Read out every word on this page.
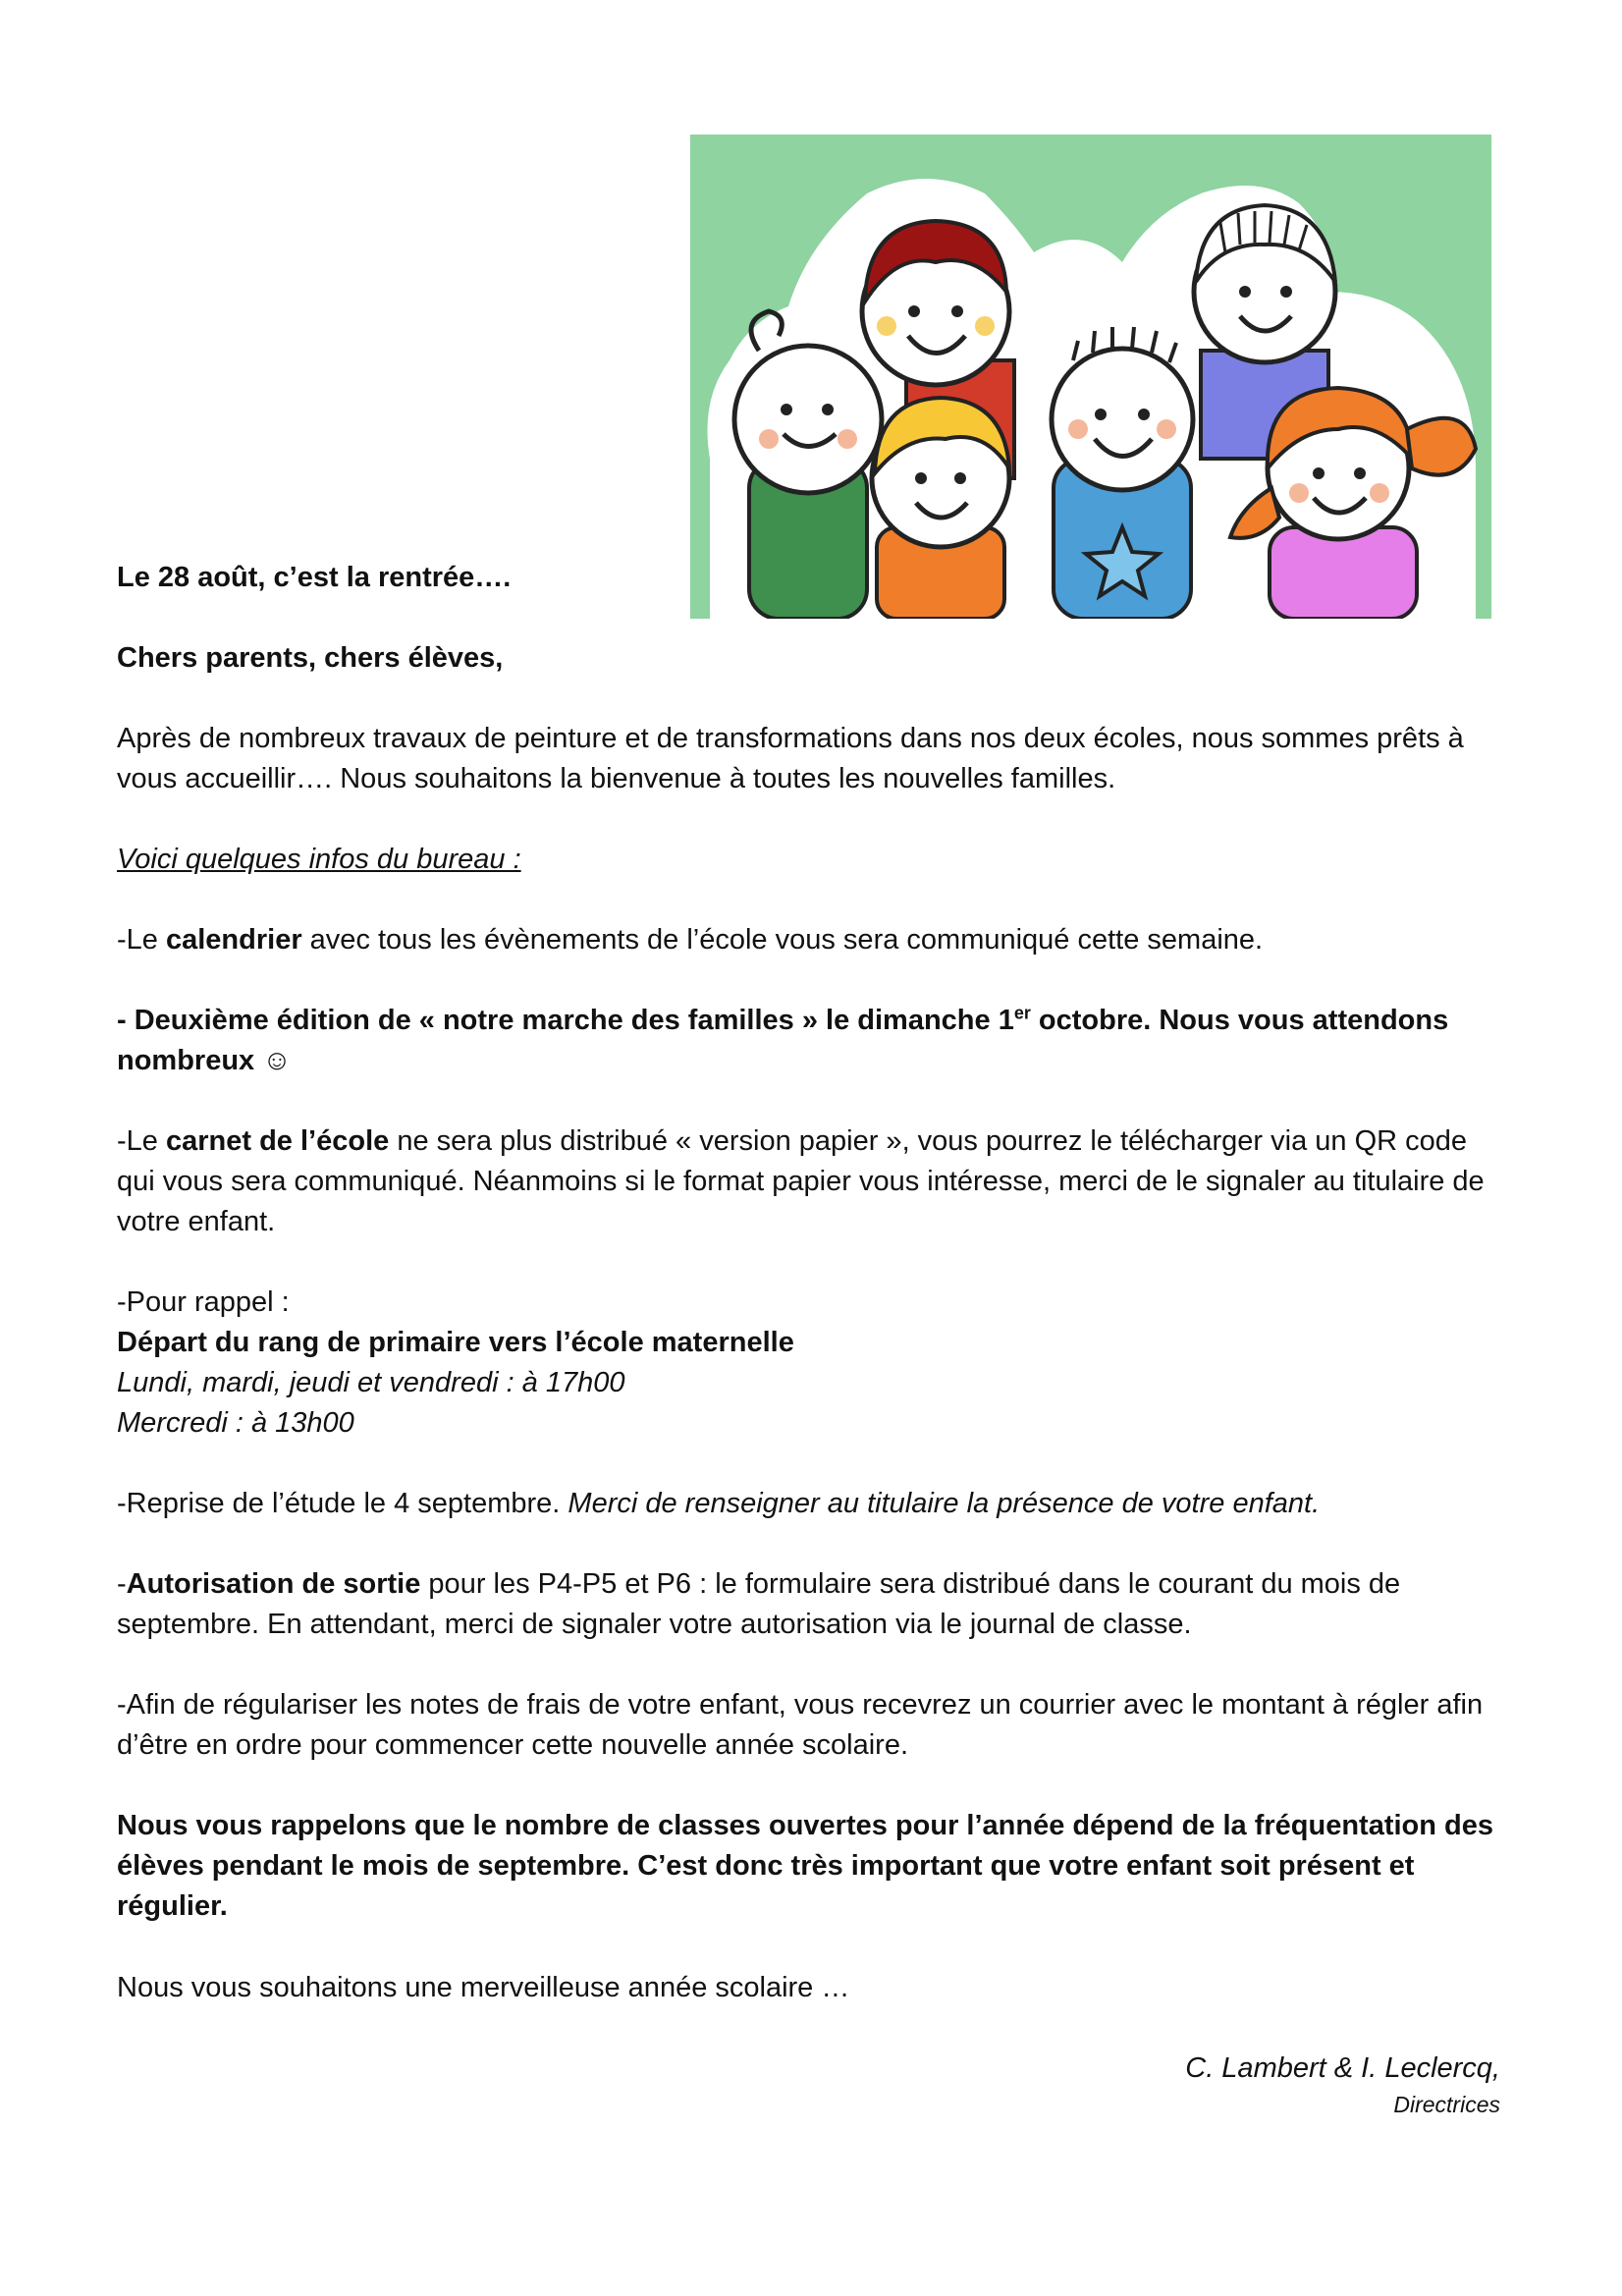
Le 28 août, c’est la rentrée….
Chers parents, chers élèves,
Après de nombreux travaux de peinture et de transformations dans nos deux écoles, nous sommes prêts à vous accueillir…. Nous souhaitons la bienvenue à toutes les nouvelles familles.
Voici quelques infos du bureau :
-Le calendrier avec tous les évènements de l’école vous sera communiqué cette semaine.
- Deuxième édition de « notre marche des familles » le dimanche 1er octobre. Nous vous attendons nombreux ☺
-Le carnet de l’école ne sera plus distribué « version papier », vous pourrez le télécharger via un QR code qui vous sera communiqué. Néanmoins si le format papier vous intéresse, merci de le signaler au titulaire de votre enfant.
-Pour rappel :
Départ du rang de primaire vers l’école maternelle
Lundi, mardi, jeudi et vendredi : à 17h00
Mercredi : à 13h00
-Reprise de l’étude le 4 septembre. Merci de renseigner au titulaire la présence de votre enfant.
-Autorisation de sortie pour les P4-P5 et P6 : le formulaire sera distribué dans le courant du mois de septembre. En attendant, merci de signaler votre autorisation via le journal de classe.
-Afin de régulariser les notes de frais de votre enfant, vous recevrez un courrier avec le montant à régler afin d’être en ordre pour commencer cette nouvelle année scolaire.
Nous vous rappelons que le nombre de classes ouvertes pour l’année dépend de la fréquentation des élèves pendant le mois de septembre. C’est donc très important que votre enfant soit présent et régulier.
Nous vous souhaitons une merveilleuse année scolaire …
C. Lambert & I. Leclercq,
Directrices
